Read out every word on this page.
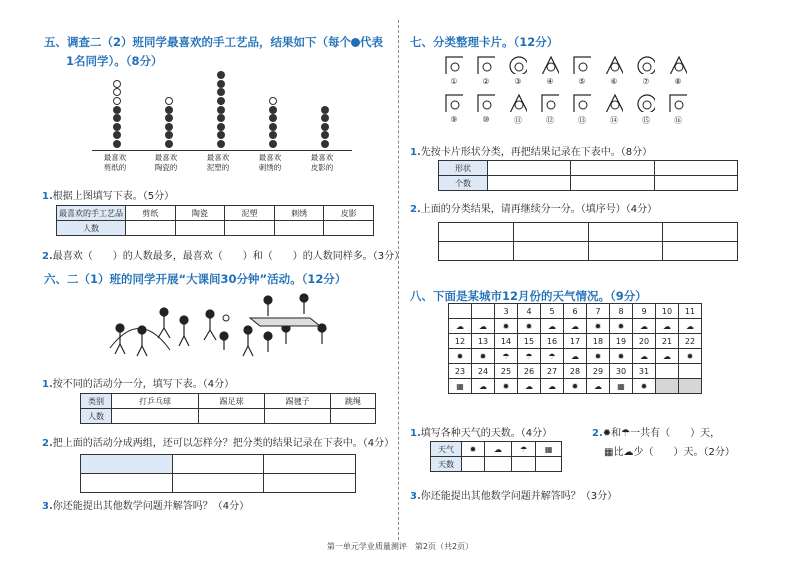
五、调查二（2）班同学最喜欢的手工艺品，结果如下（每个 代表
1名同学）。（8分）
最喜欢
剪纸的
最喜欢
陶瓷的
最喜欢
泥塑的
最喜欢
刺绣的
最喜欢
皮影的
1.根据上图填写下表。（5分）
最喜欢的手工艺品	剪纸	陶瓷	泥塑	刺绣	皮影
人数					
2.最喜欢（　　）的人数最多，最喜欢（　　）和（　　）的人数同样多。（3分）
六、二（1）班的同学开展“大课间30分钟”活动。（12分）
1.按不同的活动分一分，填写下表。（4分）
类别	打乒乓球	踢足球	踢毽子	跳绳
人数				
2.把上面的活动分成两组，还可以怎样分？把分类的结果记录在下表中。（4分）

3.你还能提出其他数学问题并解答吗？（4分）
七、分类整理卡片。（12分）
①	②	③	④	⑤	⑥	⑦	⑧
⑨	⑩	⑪	⑫	⑬	⑭	⑮	⑯
1.先按卡片形状分类，再把结果记录在下表中。（8分）
形状			
个数			
2.上面的分类结果，请再继续分一分。（填序号）（4分）

八、下面是某城市12月份的天气情况。（9分）
		3	4	5	6	7	8	9	10	11
☁	☁	✹	✹	☁	☁	✹	✹	☁	☁	☁
12	13	14	15	16	17	18	19	20	21	22
✹	✹	☂	☂	☂	☁	✹	✹	☁	☁	✹
23	24	25	26	27	28	29	30	31		
▦	☁	✹	☁	☁	✹	☁	▦	✹		
1.填写各种天气的天数。（4分）
天气	✹	☁	☂	▦
天数				
2.✹和☂一共有（　　）天，
▦比☁少（　　）天。（2分）
3.你还能提出其他数学问题并解答吗？（3分）
第一单元学业质量测评　第2页（共2页）
